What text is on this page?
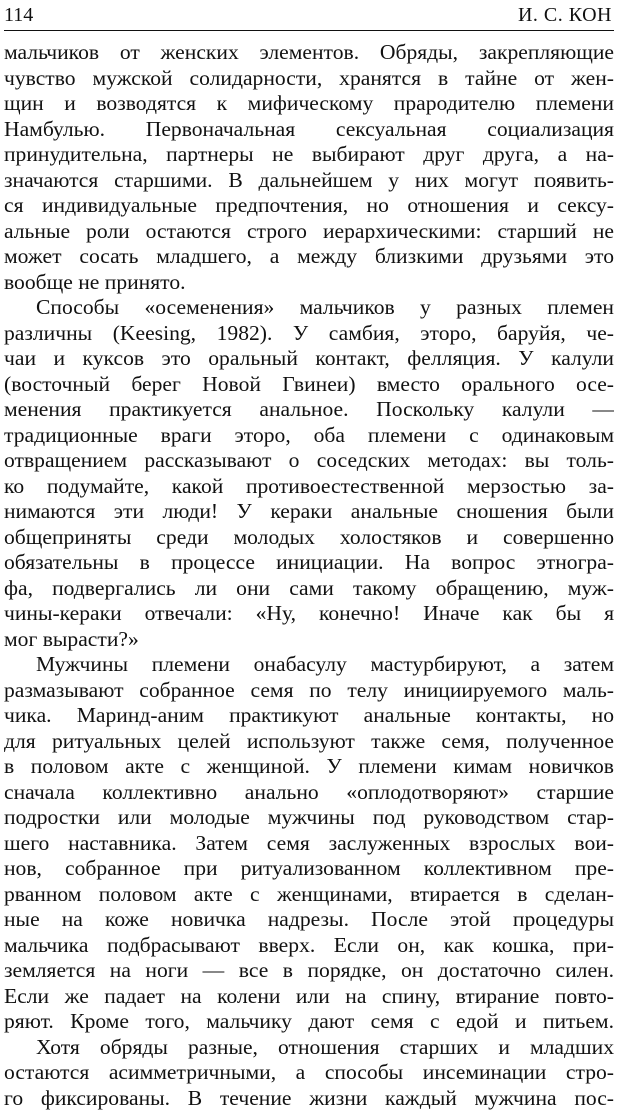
114	И. С. КОН
мальчиков от женских элементов. Обряды, закрепляющие
чувство мужской солидарности, хранятся в тайне от жен-
щин и возводятся к мифическому прародителю племени
Намбулью. Первоначальная сексуальная социализация
принудительна, партнеры не выбирают друг друга, а на-
значаются старшими. В дальнейшем у них могут появить-
ся индивидуальные предпочтения, но отношения и сексу-
альные роли остаются строго иерархическими: старший не
может сосать младшего, а между близкими друзьями это
вообще не принято.
Способы «осеменения» мальчиков у разных племен
различны (Keesing, 1982). У самбия, эторо, баруйя, че-
чаи и куксов это оральный контакт, фелляция. У калули
(восточный берег Новой Гвинеи) вместо орального осе-
менения практикуется анальное. Поскольку калули —
традиционные враги эторо, оба племени с одинаковым
отвращением рассказывают о соседских методах: вы толь-
ко подумайте, какой противоестественной мерзостью за-
нимаются эти люди! У кераки анальные сношения были
общеприняты среди молодых холостяков и совершенно
обязательны в процессе инициации. На вопрос этногра-
фа, подвергались ли они сами такому обращению, муж-
чины-кераки отвечали: «Ну, конечно! Иначе как бы я
мог вырасти?»
Мужчины племени онабасулу мастурбируют, а затем
размазывают собранное семя по телу инициируемого маль-
чика. Маринд-аним практикуют анальные контакты, но
для ритуальных целей используют также семя, полученное
в половом акте с женщиной. У племени кимам новичков
сначала коллективно анально «оплодотворяют» старшие
подростки или молодые мужчины под руководством стар-
шего наставника. Затем семя заслуженных взрослых вои-
нов, собранное при ритуализованном коллективном пре-
рванном половом акте с женщинами, втирается в сделан-
ные на коже новичка надрезы. После этой процедуры
мальчика подбрасывают вверх. Если он, как кошка, при-
земляется на ноги — все в порядке, он достаточно силен.
Если же падает на колени или на спину, втирание повто-
ряют. Кроме того, мальчику дают семя с едой и питьем.
Хотя обряды разные, отношения старших и младших
остаются асимметричными, а способы инсеминации стро-
го фиксированы. В течение жизни каждый мужчина пос-
